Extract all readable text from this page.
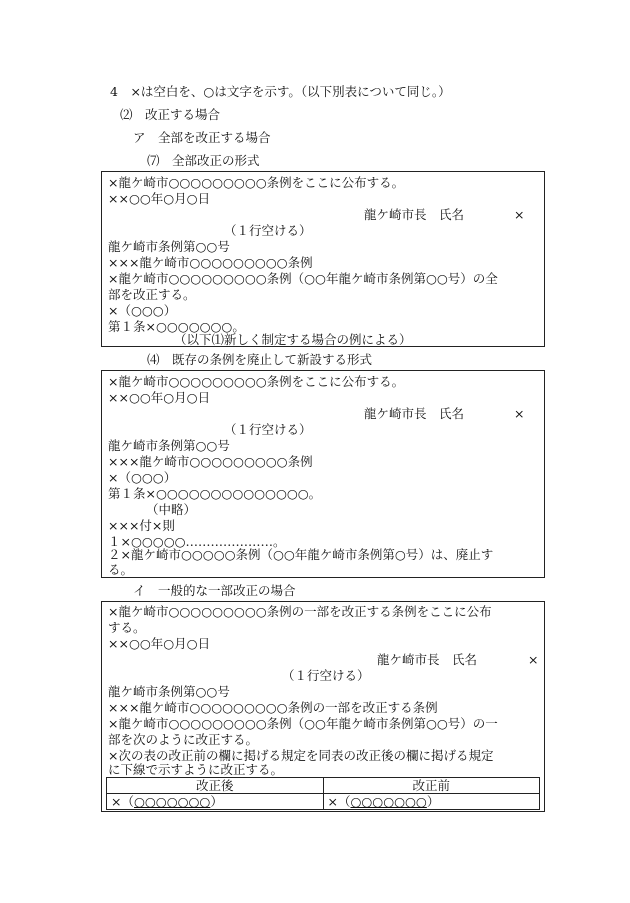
4　×は空白を、○は文字を示す。（以下別表について同じ。）
⑵　改正する場合
ア　全部を改正する場合
⑺　全部改正の形式
×龍ケ崎市○○○○○○○○○条例をここに公布する。
××○○年○月○日
龍ケ崎市長　氏名	×
（１行空ける）
龍ケ崎市条例第○○号
×××龍ケ崎市○○○○○○○○○条例
×龍ケ崎市○○○○○○○○○条例（○○年龍ケ崎市条例第○○号）の全
部を改正する。
×（○○○）
第１条×○○○○○○○。
（以下⑴新しく制定する場合の例による）
⑷　既存の条例を廃止して新設する形式
×龍ケ崎市○○○○○○○○○条例をここに公布する。
××○○年○月○日
龍ケ崎市長　氏名	×
（１行空ける）
龍ケ崎市条例第○○号
×××龍ケ崎市○○○○○○○○○条例
×（○○○）
第１条×○○○○○○○○○○○○○○。
（中略）
×××付×則
１×○○○○○…………………。
２×龍ケ崎市○○○○○条例（○○年龍ケ崎市条例第○号）は、廃止す
る。
イ　一般的な一部改正の場合
×龍ケ崎市○○○○○○○○○条例の一部を改正する条例をここに公布
する。
××○○年○月○日
龍ケ崎市長　氏名	×
（１行空ける）
龍ケ崎市条例第○○号
×××龍ケ崎市○○○○○○○○○条例の一部を改正する条例
×龍ケ崎市○○○○○○○○○条例（○○年龍ケ崎市条例第○○号）の一
部を次のように改正する。
×次の表の改正前の欄に掲げる規定を同表の改正後の欄に掲げる規定
に下線で示すように改正する。
改正後	改正前
×（○○○○○○○）	×（○○○○○○○）
